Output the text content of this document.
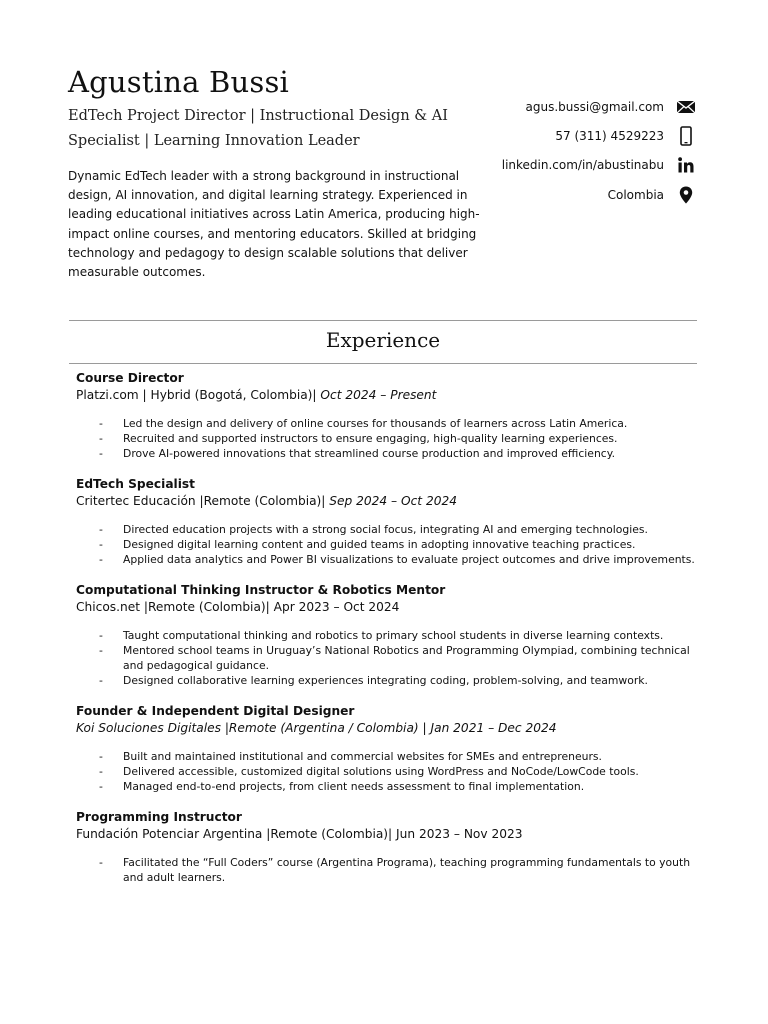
Agustina Bussi
EdTech Project Director | Instructional Design & AI Specialist | Learning Innovation Leader
Dynamic EdTech leader with a strong background in instructional design, AI innovation, and digital learning strategy. Experienced in leading educational initiatives across Latin America, producing high-impact online courses, and mentoring educators. Skilled at bridging technology and pedagogy to design scalable solutions that deliver measurable outcomes.
agus.bussi@gmail.com
57 (311) 4529223
linkedin.com/in/abustinabu
Colombia
Experience
Course Director
Platzi.com | Hybrid (Bogotá, Colombia)| Oct 2024 – Present
- Led the design and delivery of online courses for thousands of learners across Latin America.
- Recruited and supported instructors to ensure engaging, high-quality learning experiences.
- Drove AI-powered innovations that streamlined course production and improved efficiency.
EdTech Specialist
Critertec Educación |Remote (Colombia)| Sep 2024 – Oct 2024
- Directed education projects with a strong social focus, integrating AI and emerging technologies.
- Designed digital learning content and guided teams in adopting innovative teaching practices.
- Applied data analytics and Power BI visualizations to evaluate project outcomes and drive improvements.
Computational Thinking Instructor & Robotics Mentor
Chicos.net |Remote (Colombia)| Apr 2023 – Oct 2024
- Taught computational thinking and robotics to primary school students in diverse learning contexts.
- Mentored school teams in Uruguay’s National Robotics and Programming Olympiad, combining technical and pedagogical guidance.
- Designed collaborative learning experiences integrating coding, problem-solving, and teamwork.
Founder & Independent Digital Designer
Koi Soluciones Digitales |Remote (Argentina / Colombia) | Jan 2021 – Dec 2024
- Built and maintained institutional and commercial websites for SMEs and entrepreneurs.
- Delivered accessible, customized digital solutions using WordPress and NoCode/LowCode tools.
- Managed end-to-end projects, from client needs assessment to final implementation.
Programming Instructor
Fundación Potenciar Argentina |Remote (Colombia)| Jun 2023 – Nov 2023
- Facilitated the “Full Coders” course (Argentina Programa), teaching programming fundamentals to youth and adult learners.
